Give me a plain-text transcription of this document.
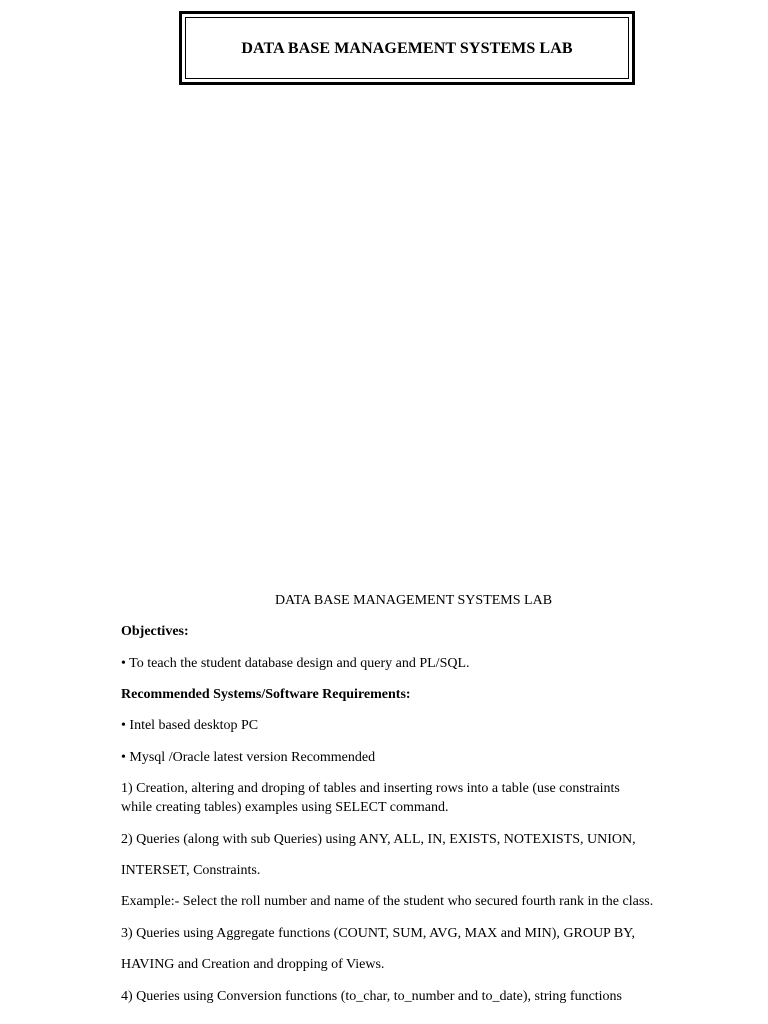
DATA BASE MANAGEMENT SYSTEMS LAB
DATA BASE MANAGEMENT SYSTEMS LAB
Objectives:
• To teach the student database design and query and PL/SQL.
Recommended Systems/Software Requirements:
• Intel based desktop PC
• Mysql /Oracle latest version Recommended
1) Creation, altering and droping of tables and inserting rows into a table (use constraints
while creating tables) examples using SELECT command.
2) Queries (along with sub Queries) using ANY, ALL, IN, EXISTS, NOTEXISTS, UNION,
INTERSET, Constraints.
Example:- Select the roll number and name of the student who secured fourth rank in the class.
3) Queries using Aggregate functions (COUNT, SUM, AVG, MAX and MIN), GROUP BY,
HAVING and Creation and dropping of Views.
4) Queries using Conversion functions (to_char, to_number and to_date), string functions
